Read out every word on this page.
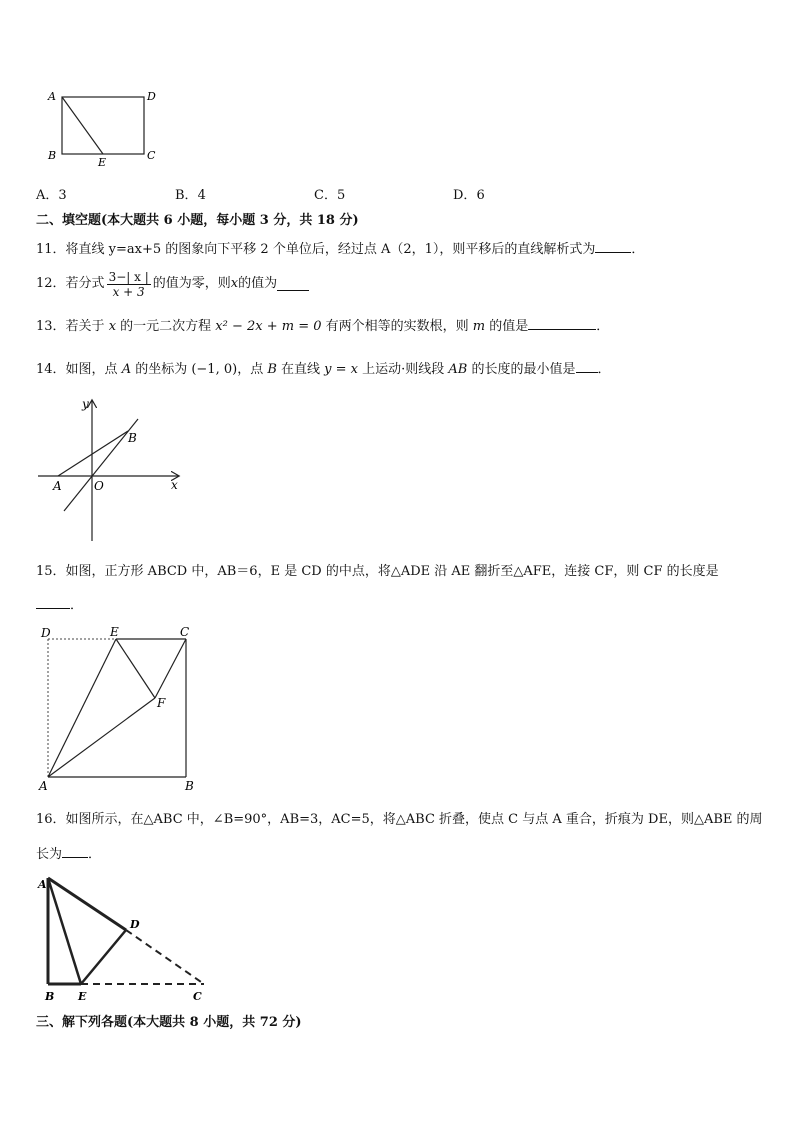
A	D
B
E
C
A．3	B．4	C．5	D．6
二、填空题(本大题共 6 小题，每小题 3 分，共 18 分)
11．将直线 y=ax+5 的图象向下平移 2 个单位后，经过点 A（2，1），则平移后的直线解析式为	．
12． 若分式 $\frac{3-| x |}{x + 3}$ 的值为零，则 x 的值为
13．若关于 x 的一元二次方程 x² − 2x + m = 0 有两个相等的实数根，则 m 的值是	．
14．如图，点 A 的坐标为 (−1, 0)，点 B 在直线 y = x 上运动·则线段 AB 的长度的最小值是 ．
y
x
A	O
B
15．如图，正方形 ABCD 中，AB＝6，E 是 CD 的中点，将△ADE 沿 AE 翻折至△AFE，连接 CF，则 CF 的长度是
．
D	E	C
F
A	B
16．如图所示，在△ABC 中，∠B=90°，AB=3，AC=5，将△ABC 折叠，使点 C 与点 A 重合，折痕为 DE，则△ABE 的周
长为 ．
A
D
B E	C
三、解下列各题(本大题共 8 小题，共 72 分)
